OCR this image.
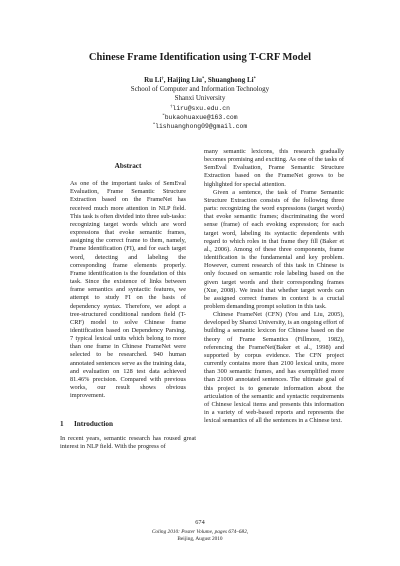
Chinese Frame Identification using T-CRF Model
Ru Li†, Haijing Liu*, Shuanghong Li*
School of Computer and Information Technology
Shanxi University
†liru@sxu.edu.cn
*bukaohuaxue@163.com
*lishuanghong09@gmail.com
Abstract
As one of the important tasks of SemEval Evaluation, Frame Semantic Structure Extraction based on the FrameNet has received much more attention in NLP field. This task is often divided into three sub-tasks: recognizing target words which are word expressions that evoke semantic frames, assigning the correct frame to them, namely, Frame Identification (FI), and for each target word, detecting and labeling the corresponding frame elements properly. Frame identification is the foundation of this task. Since the existence of links between frame semantics and syntactic features, we attempt to study FI on the basis of dependency syntax. Therefore, we adopt a tree-structured conditional random field (T-CRF) model to solve Chinese frame identification based on Dependency Parsing. 7 typical lexical units which belong to more than one frame in Chinese FrameNet were selected to be researched. 940 human annotated sentences serve as the training data, and evaluation on 128 test data achieved 81.46% precision. Compared with previous works, our result shows obvious improvement.
1 Introduction
In recent years, semantic research has roused great interest in NLP field. With the progress of

many semantic lexicons, this research gradually becomes promising and exciting. As one of the tasks of SemEval Evaluation, Frame Semantic Structure Extraction based on the FrameNet grows to be highlighted for special attention.

Given a sentence, the task of Frame Semantic Structure Extraction consists of the following three parts: recognizing the word expressions (target words) that evoke semantic frames; discriminating the word sense (frame) of each evoking expression; for each target word, labeling its syntactic dependents with regard to which roles in that frame they fill (Baker et al., 2006). Among of these three components, frame identification is the fundamental and key problem. However, current research of this task in Chinese is only focused on semantic role labeling based on the given target words and their corresponding frames (Xue, 2008). We insist that whether target words can be assigned correct frames in context is a crucial problem demanding prompt solution in this task.

Chinese FrameNet (CFN) (You and Liu, 2005), developed by Shanxi University, is an ongoing effort of building a semantic lexicon for Chinese based on the theory of Frame Semantics (Fillmore, 1982), referencing the FrameNet(Baker et al., 1998) and supported by corpus evidence. The CFN project currently contains more than 2100 lexical units, more than 300 semantic frames, and has exemplified more than 21000 annotated sentences. The ultimate goal of this project is to generate information about the articulation of the semantic and syntactic requirements of Chinese lexical items and presents this information in a variety of web-based reports and represents the lexical semantics of all the sentences in a Chinese text.

674
Coling 2010: Poster Volume, pages 674–682,
Beijing, August 2010
